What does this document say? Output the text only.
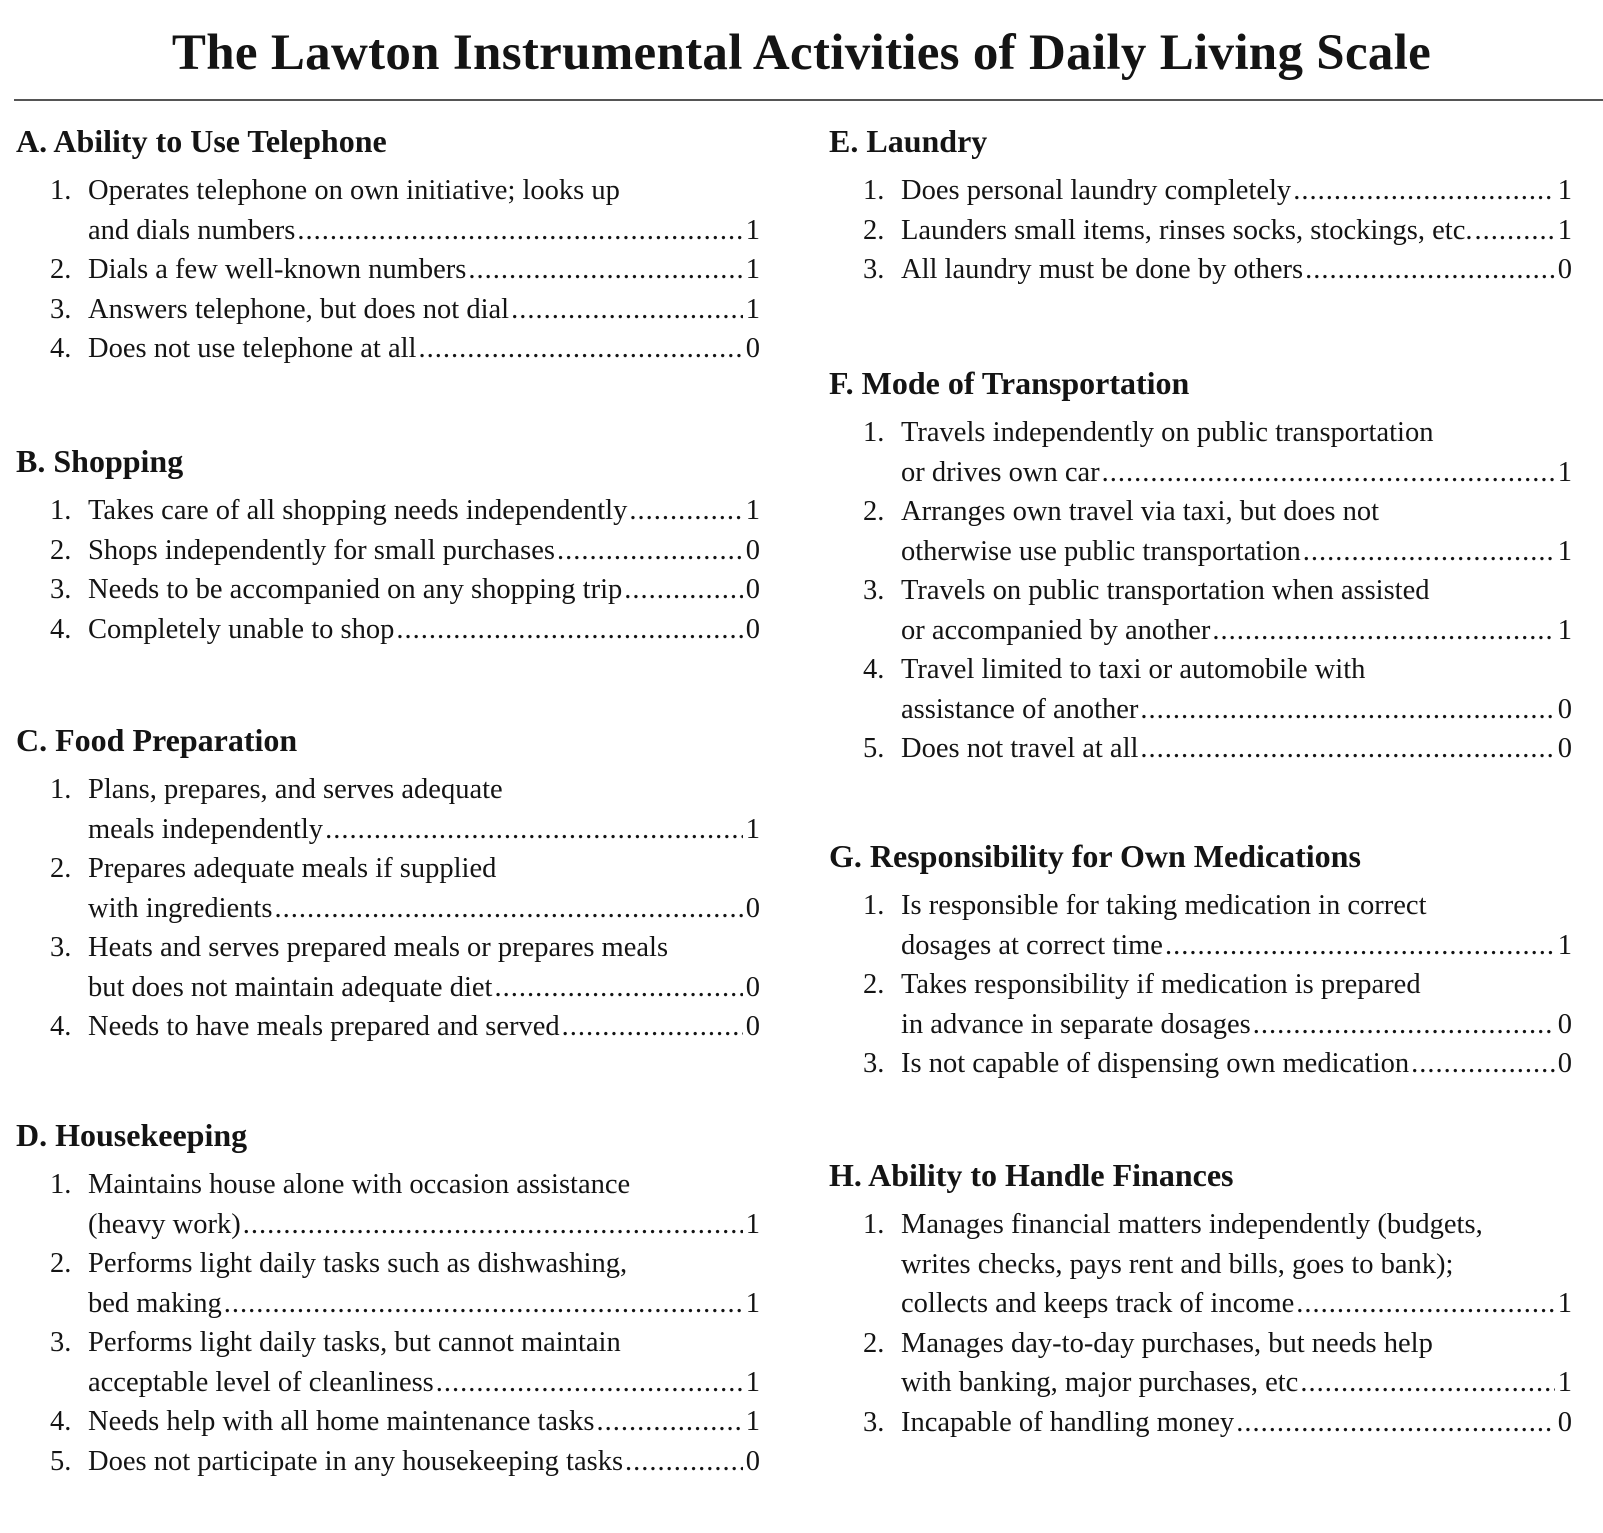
The Lawton Instrumental Activities of Daily Living Scale
A. Ability to Use Telephone
1. Operates telephone on own initiative; looks up
and dials numbers .....	1
2. Dials a few well-known numbers .....	1
3. Answers telephone, but does not dial .....	1
4. Does not use telephone at all .....	0
B. Shopping
1. Takes care of all shopping needs independently .....	1
2. Shops independently for small purchases .....	0
3. Needs to be accompanied on any shopping trip .....	0
4. Completely unable to shop .....	0
C. Food Preparation
1. Plans, prepares, and serves adequate
meals independently .....	1
2. Prepares adequate meals if supplied
with ingredients .....	0
3. Heats and serves prepared meals or prepares meals
but does not maintain adequate diet .....	0
4. Needs to have meals prepared and served .....	0
D. Housekeeping
1. Maintains house alone with occasion assistance
(heavy work) .....	1
2. Performs light daily tasks such as dishwashing,
bed making .....	1
3. Performs light daily tasks, but cannot maintain
acceptable level of cleanliness .....	1
4. Needs help with all home maintenance tasks .....	1
5. Does not participate in any housekeeping tasks .....	0
E. Laundry
1. Does personal laundry completely .....	1
2. Launders small items, rinses socks, stockings, etc. .....	1
3. All laundry must be done by others .....	0
F. Mode of Transportation
1. Travels independently on public transportation
or drives own car .....	1
2. Arranges own travel via taxi, but does not
otherwise use public transportation .....	1
3. Travels on public transportation when assisted
or accompanied by another .....	1
4. Travel limited to taxi or automobile with
assistance of another .....	0
5. Does not travel at all .....	0
G. Responsibility for Own Medications
1. Is responsible for taking medication in correct
dosages at correct time .....	1
2. Takes responsibility if medication is prepared
in advance in separate dosages .....	0
3. Is not capable of dispensing own medication .....	0
H. Ability to Handle Finances
1. Manages financial matters independently (budgets,
writes checks, pays rent and bills, goes to bank);
collects and keeps track of income .....	1
2. Manages day-to-day purchases, but needs help
with banking, major purchases, etc .....	1
3. Incapable of handling money .....	0
